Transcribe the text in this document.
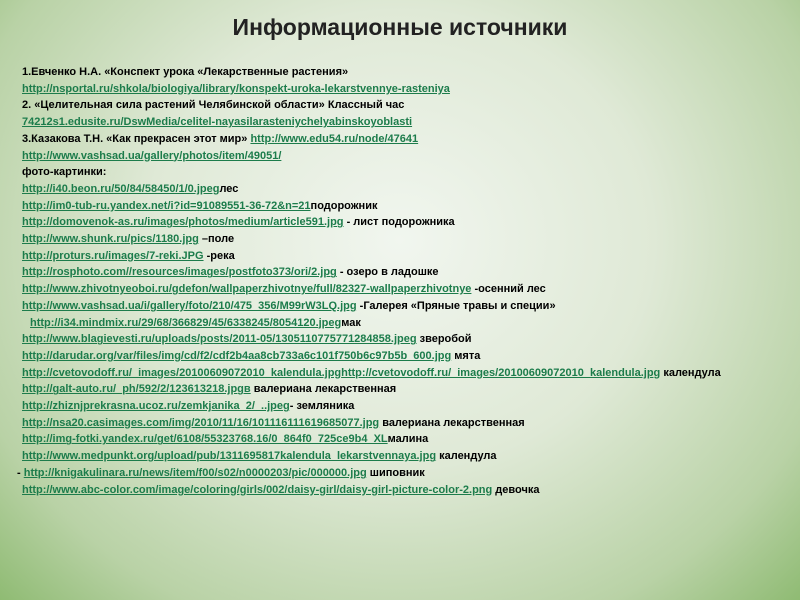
Информационные источники
1.Евченко Н.А. «Конспект урока «Лекарственные растения»
http://nsportal.ru/shkola/biologiya/library/konspekt-uroka-lekarstvennye-rasteniya
2. «Целительная сила растений Челябинской области» Классный час
74212s1.edusite.ru/DswMedia/celitel-nayasilarasteniychelyabinskoyoblasti
3.Казакова Т.Н. «Как прекрасен этот мир» http://www.edu54.ru/node/47641
http://www.vashsad.ua/gallery/photos/item/49051/
фото-картинки:
http://i40.beon.ru/50/84/58450/1/0.jpegлес
http://im0-tub-ru.yandex.net/i?id=91089551-36-72&n=21подорожник
http://domovenok-as.ru/images/photos/medium/article591.jpg - лист подорожника
http://www.shunk.ru/pics/1180.jpg –поле
http://proturs.ru/images/7-reki.JPG -река
http://rosphoto.com//resources/images/postfoto373/ori/2.jpg - озеро в ладошке
http://www.zhivotnyeoboi.ru/gdefon/wallpaperzhivotnye/full/82327-wallpaperzhivotnye -осенний лес
http://www.vashsad.ua/i/gallery/foto/210/475_356/M99rW3LQ.jpg -Галерея «Пряные травы и специи»
http://i34.mindmix.ru/29/68/366829/45/6338245/8054120.jpegмак
http://www.blagievesti.ru/uploads/posts/2011-05/1305110775771284858.jpeg зверобой
http://darudar.org/var/files/img/cd/f2/cdf2b4aa8cb733a6c101f750b6c97b5b_600.jpg мята
http://cvetovodoff.ru/_images/20100609072010_kalendula.jpghttp://cvetovodoff.ru/_images/20100609072010_kalendula.jpg календула
http://galt-auto.ru/_ph/592/2/123613218.jpgв валериана лекарственная
http://zhiznjprekrasna.ucoz.ru/zemkjanika_2/_..jpeg- земляника
http://nsa20.casimages.com/img/2010/11/16/101116111619685077.jpg валериана лекарственная
http://img-fotki.yandex.ru/get/6108/55323768.16/0_864f0_725ce9b4_XLмалина
http://www.medpunkt.org/upload/pub/1311695817kalendula_lekarstvennaya.jpg календула
- http://knigakulinara.ru/news/item/f00/s02/n0000203/pic/000000.jpg шиповник
http://www.abc-color.com/image/coloring/girls/002/daisy-girl/daisy-girl-picture-color-2.png девочка
